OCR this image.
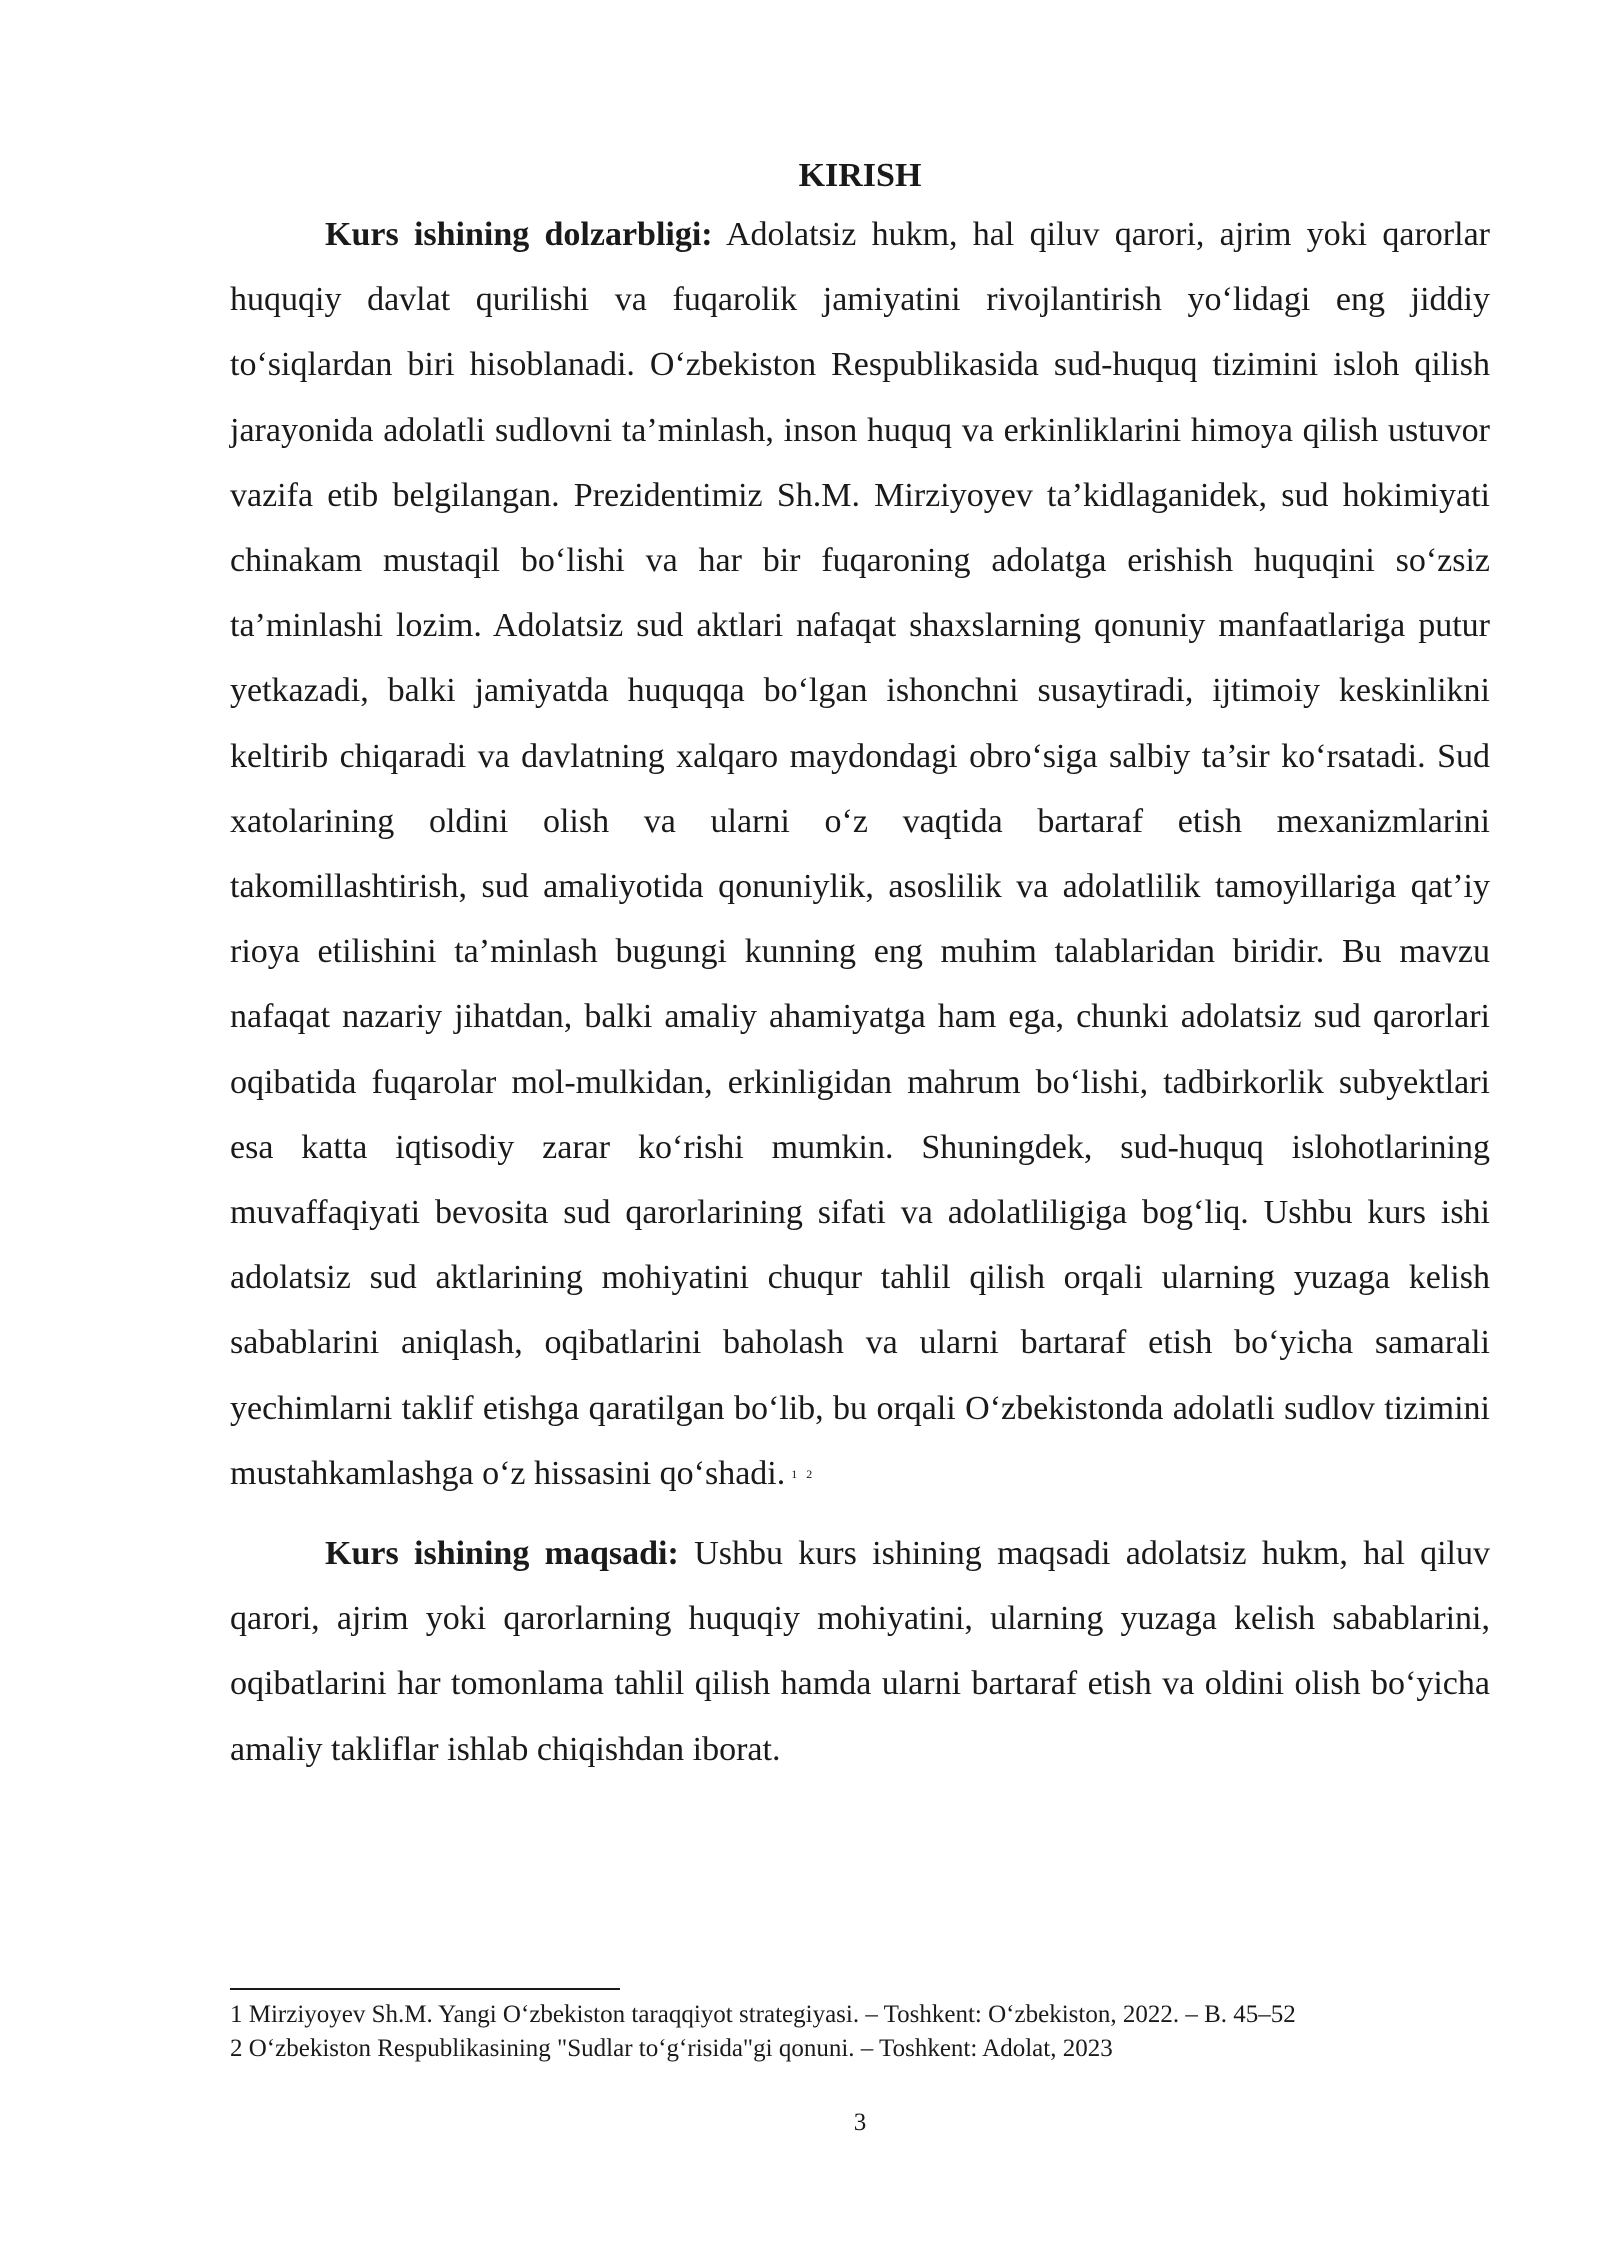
KIRISH

Kurs ishining dolzarbligi: Adolatsiz hukm, hal qiluv qarori, ajrim yoki qarorlar huquqiy davlat qurilishi va fuqarolik jamiyatini rivojlantirish yo‘lidagi eng jiddiy to‘siqlardan biri hisoblanadi. O‘zbekiston Respublikasida sud-huquq tizimini isloh qilish jarayonida adolatli sudlovni ta’minlash, inson huquq va erkinliklarini himoya qilish ustuvor vazifa etib belgilangan. Prezidentimiz Sh.M. Mirziyoyev ta’kidlaganidek, sud hokimiyati chinakam mustaqil bo‘lishi va har bir fuqaroning adolatga erishish huquqini so‘zsiz ta’minlashi lozim. Adolatsiz sud aktlari nafaqat shaxslarning qonuniy manfaatlariga putur yetkazadi, balki jamiyatda huquqqa bo‘lgan ishonchni susaytiradi, ijtimoiy keskinlikni keltirib chiqaradi va davlatning xalqaro maydondagi obro‘siga salbiy ta’sir ko‘rsatadi. Sud xatolarining oldini olish va ularni o‘z vaqtida bartaraf etish mexanizmlarini takomillashtirish, sud amaliyotida qonuniylik, asoslilik va adolatlilik tamoyillariga qat’iy rioya etilishini ta’minlash bugungi kunning eng muhim talablaridan biridir. Bu mavzu nafaqat nazariy jihatdan, balki amaliy ahamiyatga ham ega, chunki adolatsiz sud qarorlari oqibatida fuqarolar mol-mulkidan, erkinligidan mahrum bo‘lishi, tadbirkorlik subyektlari esa katta iqtisodiy zarar ko‘rishi mumkin. Shuningdek, sud-huquq islohotlarining muvaffaqiyati bevosita sud qarorlarining sifati va adolatliligiga bog‘liq. Ushbu kurs ishi adolatsiz sud aktlarining mohiyatini chuqur tahlil qilish orqali ularning yuzaga kelish sabablarini aniqlash, oqibatlarini baholash va ularni bartaraf etish bo‘yicha samarali yechimlarni taklif etishga qaratilgan bo‘lib, bu orqali O‘zbekistonda adolatli sudlov tizimini mustahkamlashga o‘z hissasini qo‘shadi. $^{1 2}$

Kurs ishining maqsadi: Ushbu kurs ishining maqsadi adolatsiz hukm, hal qiluv qarori, ajrim yoki qarorlarning huquqiy mohiyatini, ularning yuzaga kelish sabablarini, oqibatlarini har tomonlama tahlil qilish hamda ularni bartaraf etish va oldini olish bo‘yicha amaliy takliflar ishlab chiqishdan iborat.

1 Mirziyoyev Sh.M. Yangi O‘zbekiston taraqqiyot strategiyasi. – Toshkent: O‘zbekiston, 2022. – B. 45–52

2 O‘zbekiston Respublikasining "Sudlar to‘g‘risida"gi qonuni. – Toshkent: Adolat, 2023

3
